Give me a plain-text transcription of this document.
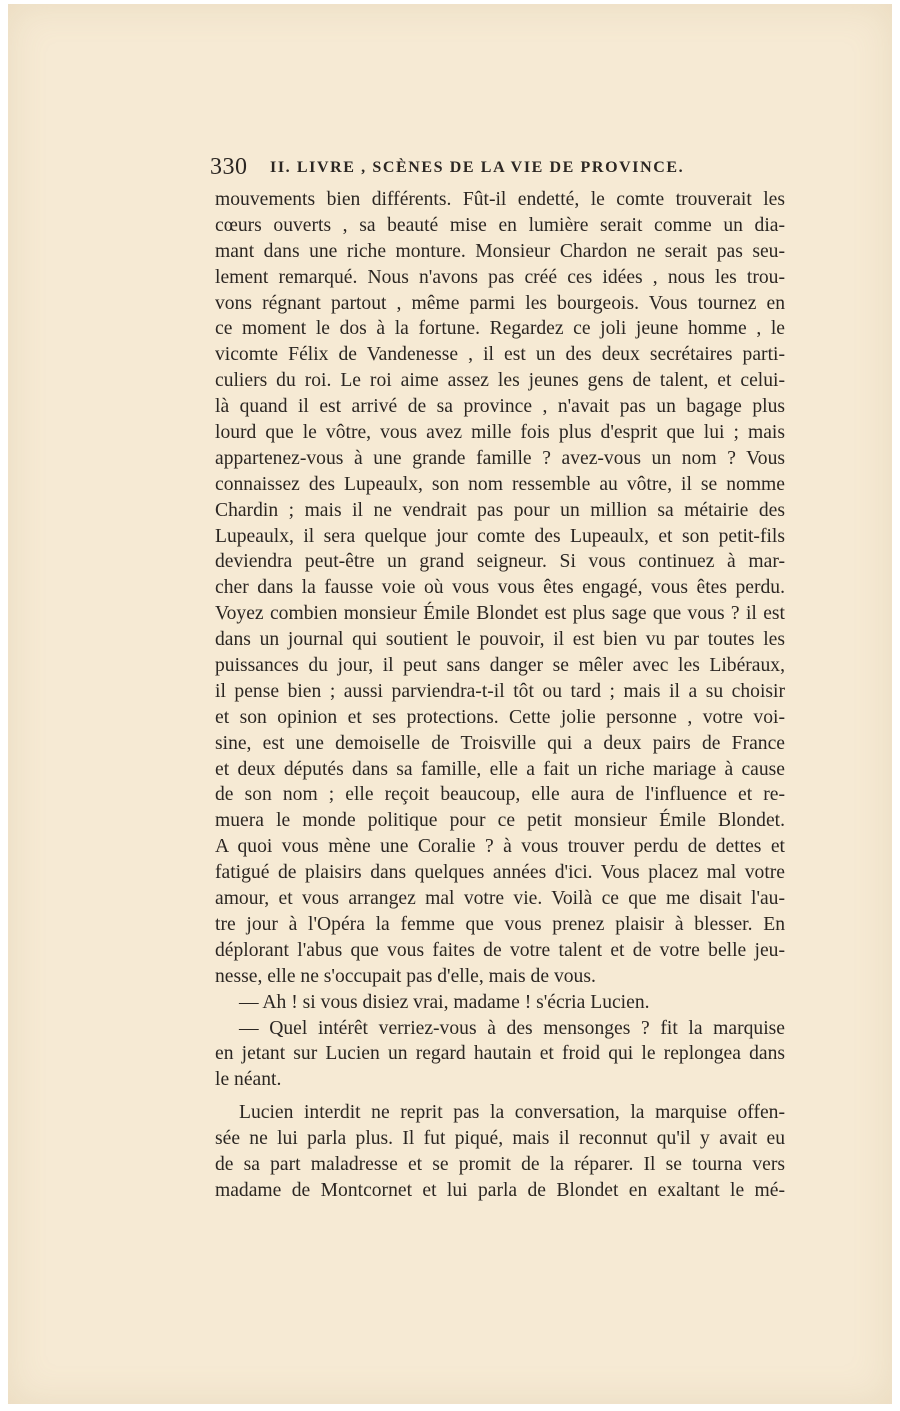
330 II. LIVRE , SCÈNES DE LA VIE DE PROVINCE.
mouvements bien différents. Fût-il endetté, le comte trouverait les
cœurs ouverts , sa beauté mise en lumière serait comme un dia-
mant dans une riche monture. Monsieur Chardon ne serait pas seu-
lement remarqué. Nous n'avons pas créé ces idées , nous les trou-
vons régnant partout , même parmi les bourgeois. Vous tournez en
ce moment le dos à la fortune. Regardez ce joli jeune homme , le
vicomte Félix de Vandenesse , il est un des deux secrétaires parti-
culiers du roi. Le roi aime assez les jeunes gens de talent, et celui-
là quand il est arrivé de sa province , n'avait pas un bagage plus
lourd que le vôtre, vous avez mille fois plus d'esprit que lui ; mais
appartenez-vous à une grande famille ? avez-vous un nom ? Vous
connaissez des Lupeaulx, son nom ressemble au vôtre, il se nomme
Chardin ; mais il ne vendrait pas pour un million sa métairie des
Lupeaulx, il sera quelque jour comte des Lupeaulx, et son petit-fils
deviendra peut-être un grand seigneur. Si vous continuez à mar-
cher dans la fausse voie où vous vous êtes engagé, vous êtes perdu.
Voyez combien monsieur Émile Blondet est plus sage que vous ? il est
dans un journal qui soutient le pouvoir, il est bien vu par toutes les
puissances du jour, il peut sans danger se mêler avec les Libéraux,
il pense bien ; aussi parviendra-t-il tôt ou tard ; mais il a su choisir
et son opinion et ses protections. Cette jolie personne , votre voi-
sine, est une demoiselle de Troisville qui a deux pairs de France
et deux députés dans sa famille, elle a fait un riche mariage à cause
de son nom ; elle reçoit beaucoup, elle aura de l'influence et re-
muera le monde politique pour ce petit monsieur Émile Blondet.
A quoi vous mène une Coralie ? à vous trouver perdu de dettes et
fatigué de plaisirs dans quelques années d'ici. Vous placez mal votre
amour, et vous arrangez mal votre vie. Voilà ce que me disait l'au-
tre jour à l'Opéra la femme que vous prenez plaisir à blesser. En
déplorant l'abus que vous faites de votre talent et de votre belle jeu-
nesse, elle ne s'occupait pas d'elle, mais de vous.
— Ah ! si vous disiez vrai, madame ! s'écria Lucien.
— Quel intérêt verriez-vous à des mensonges ? fit la marquise
en jetant sur Lucien un regard hautain et froid qui le replongea dans
le néant.
Lucien interdit ne reprit pas la conversation, la marquise offen-
sée ne lui parla plus. Il fut piqué, mais il reconnut qu'il y avait eu
de sa part maladresse et se promit de la réparer. Il se tourna vers
madame de Montcornet et lui parla de Blondet en exaltant le mé-
